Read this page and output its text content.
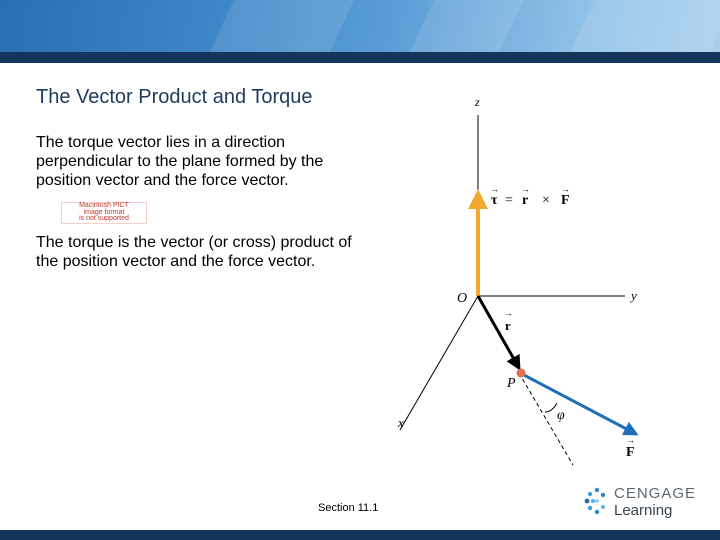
The Vector Product and Torque
The torque vector lies in a direction perpendicular to the plane formed by the position vector and the force vector.
Macintosh PICT
image format
is not supported
The torque is the vector (or cross) product of the position vector and the force vector.
z
y
x
O
P
→
r
φ
→
F
→
τ =
→
r ×
→
F
Section 11.1
CENGAGE
Learning
